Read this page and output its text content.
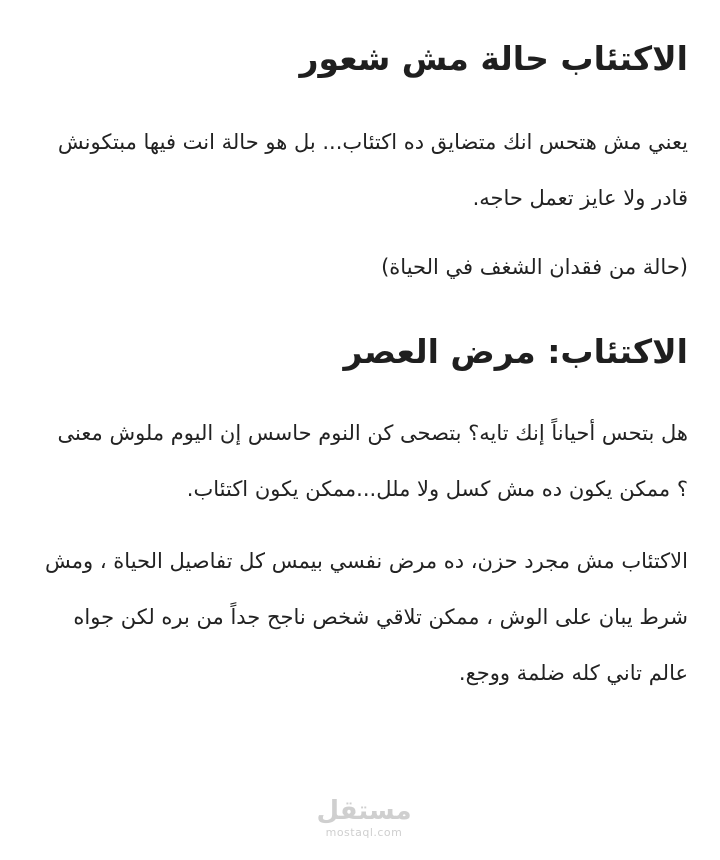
الاكتئاب حالة مش شعور

يعني مش هتحس انك متضايق ده اكتئاب... بل هو حالة انت فيها مبتكونش قادر ولا عايز تعمل حاجه.

(حالة من فقدان الشغف في الحياة)

الاكتئاب: مرض العصر

هل بتحس أحياناً إنك تايه؟ بتصحى كن النوم حاسس إن اليوم ملوش معنى ؟ ممكن يكون ده مش كسل ولا ملل...ممكن يكون اكتئاب.

الاكتئاب مش مجرد حزن، ده مرض نفسي بيمس كل تفاصيل الحياة ، ومش شرط يبان على الوش ، ممكن تلاقي شخص ناجح جداً من بره لكن جواه عالم تاني كله ضلمة ووجع.

مستقل
mostaql.com
